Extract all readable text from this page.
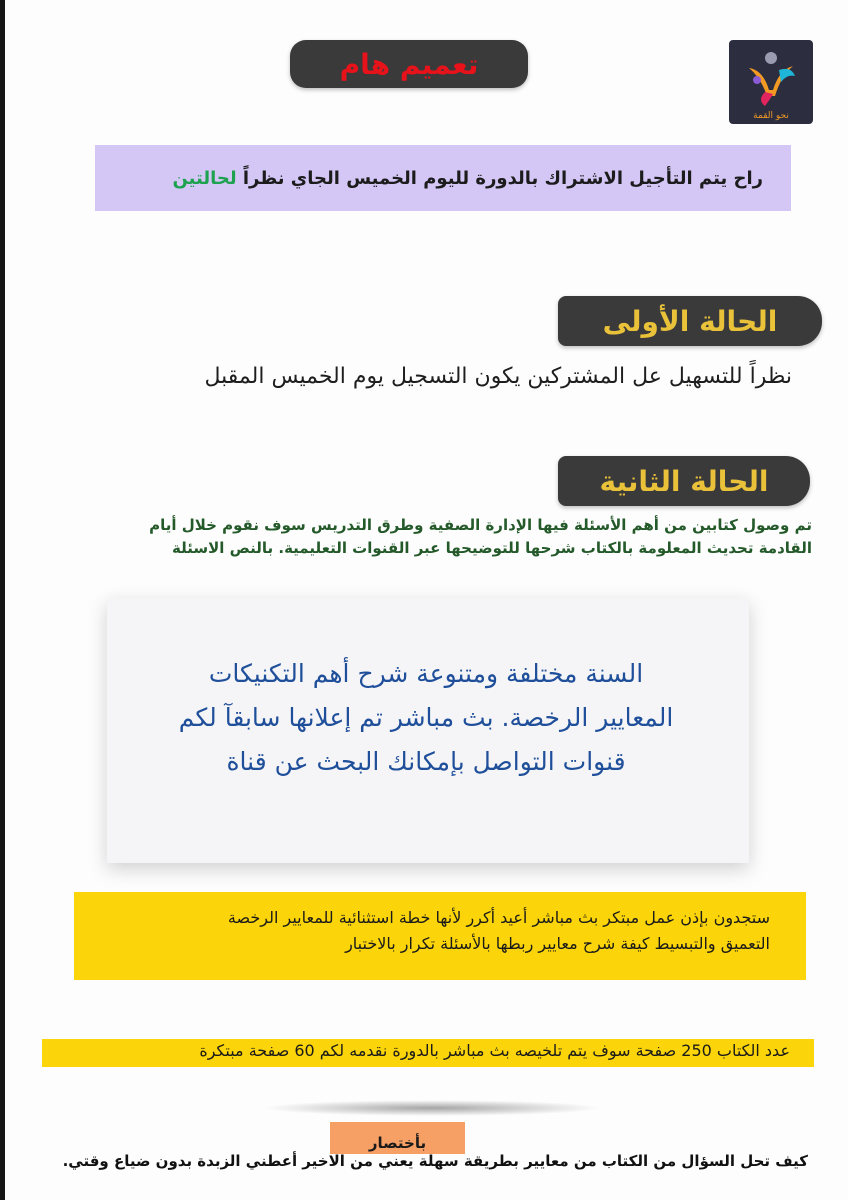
تعميم هام
نحو القمة
راح يتم التأجيل الاشتراك بالدورة لليوم الخميس الجاي نظراً لحالتين
الحالة الأولى
نظراً للتسهيل عل المشتركين يكون التسجيل يوم الخميس المقبل
الحالة الثانية
تم وصول كتابين من أهم الأسئلة فيها الإدارة الصفية وطرق التدريس سوف نقوم خلال أيام
القادمة تحديث المعلومة بالكتاب شرحها للتوضيحها عبر القنوات التعليمية. بالنص الاسئلة
السنة مختلفة ومتنوعة شرح أهم التكنيكات
المعايير الرخصة. بث مباشر تم إعلانها سابقآ لكم
قنوات التواصل بإمكانك البحث عن قناة
ستجدون بإذن عمل مبتكر بث مباشر أعيد أكرر لأنها خطة استثنائية للمعايير الرخصة
التعميق والتبسيط كيفة شرح معايير ربطها بالأسئلة تكرار بالاختبار
عدد الكتاب 250 صفحة سوف يتم تلخيصه بث مباشر بالدورة نقدمه لكم 60 صفحة مبتكرة
بأختصار
كيف تحل السؤال من الكتاب من معايير بطريقة سهلة يعني من الاخير أعطني الزبدة بدون ضياع وقتي.
